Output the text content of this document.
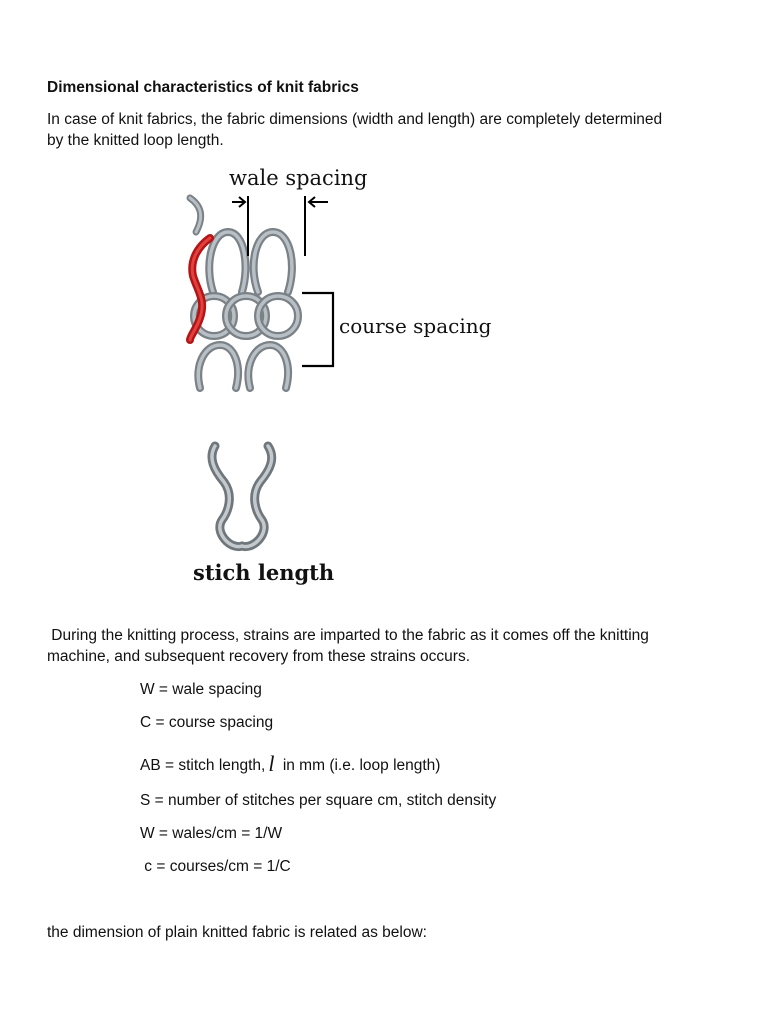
Dimensional characteristics of knit fabrics
In case of knit fabrics, the fabric dimensions (width and length) are completely determined
by the knitted loop length.
wale spacing
course spacing
stich length
During the knitting process, strains are imparted to the fabric as it comes off the knitting
machine, and subsequent recovery from these strains occurs.
W = wale spacing
C = course spacing
AB = stitch length, l in mm (i.e. loop length)
S = number of stitches per square cm, stitch density
W = wales/cm = 1/W
c = courses/cm = 1/C
the dimension of plain knitted fabric is related as below:
